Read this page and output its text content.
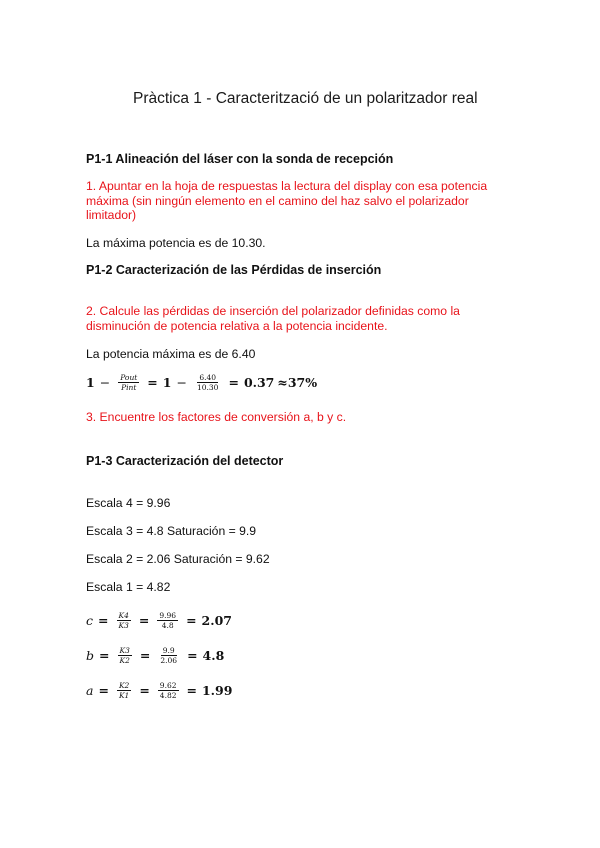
Pràctica 1 - Caracterització de un polaritzador real
P1-1 Alineación del láser con la sonda de recepción
1. Apuntar en la hoja de respuestas la lectura del display con esa potencia
máxima (sin ningún elemento en el camino del haz salvo el polarizador
limitador)
La máxima potencia es de 10.30.
P1-2 Caracterización de las Pérdidas de inserción
2. Calcule las pérdidas de inserción del polarizador definidas como la
disminución de potencia relativa a la potencia incidente.
La potencia máxima es de 6.40
$1 - \frac{\text{Pout}}{\text{Pint}} = 1 - \frac{6.40}{10.30} = 0.37 \approx 37\%$
3. Encuentre los factores de conversión a, b y c.
P1-3 Caracterización del detector
Escala 4 = 9.96
Escala 3 = 4.8 Saturación = 9.9
Escala 2 = 2.06 Saturación = 9.62
Escala 1 = 4.82
$c = \frac{K4}{K3} = \frac{9.96}{4.8} = 2.07$
$b = \frac{K3}{K2} = \frac{9.9}{2.06} = 4.8$
$a = \frac{K2}{K1} = \frac{9.62}{4.82} = 1.99$
